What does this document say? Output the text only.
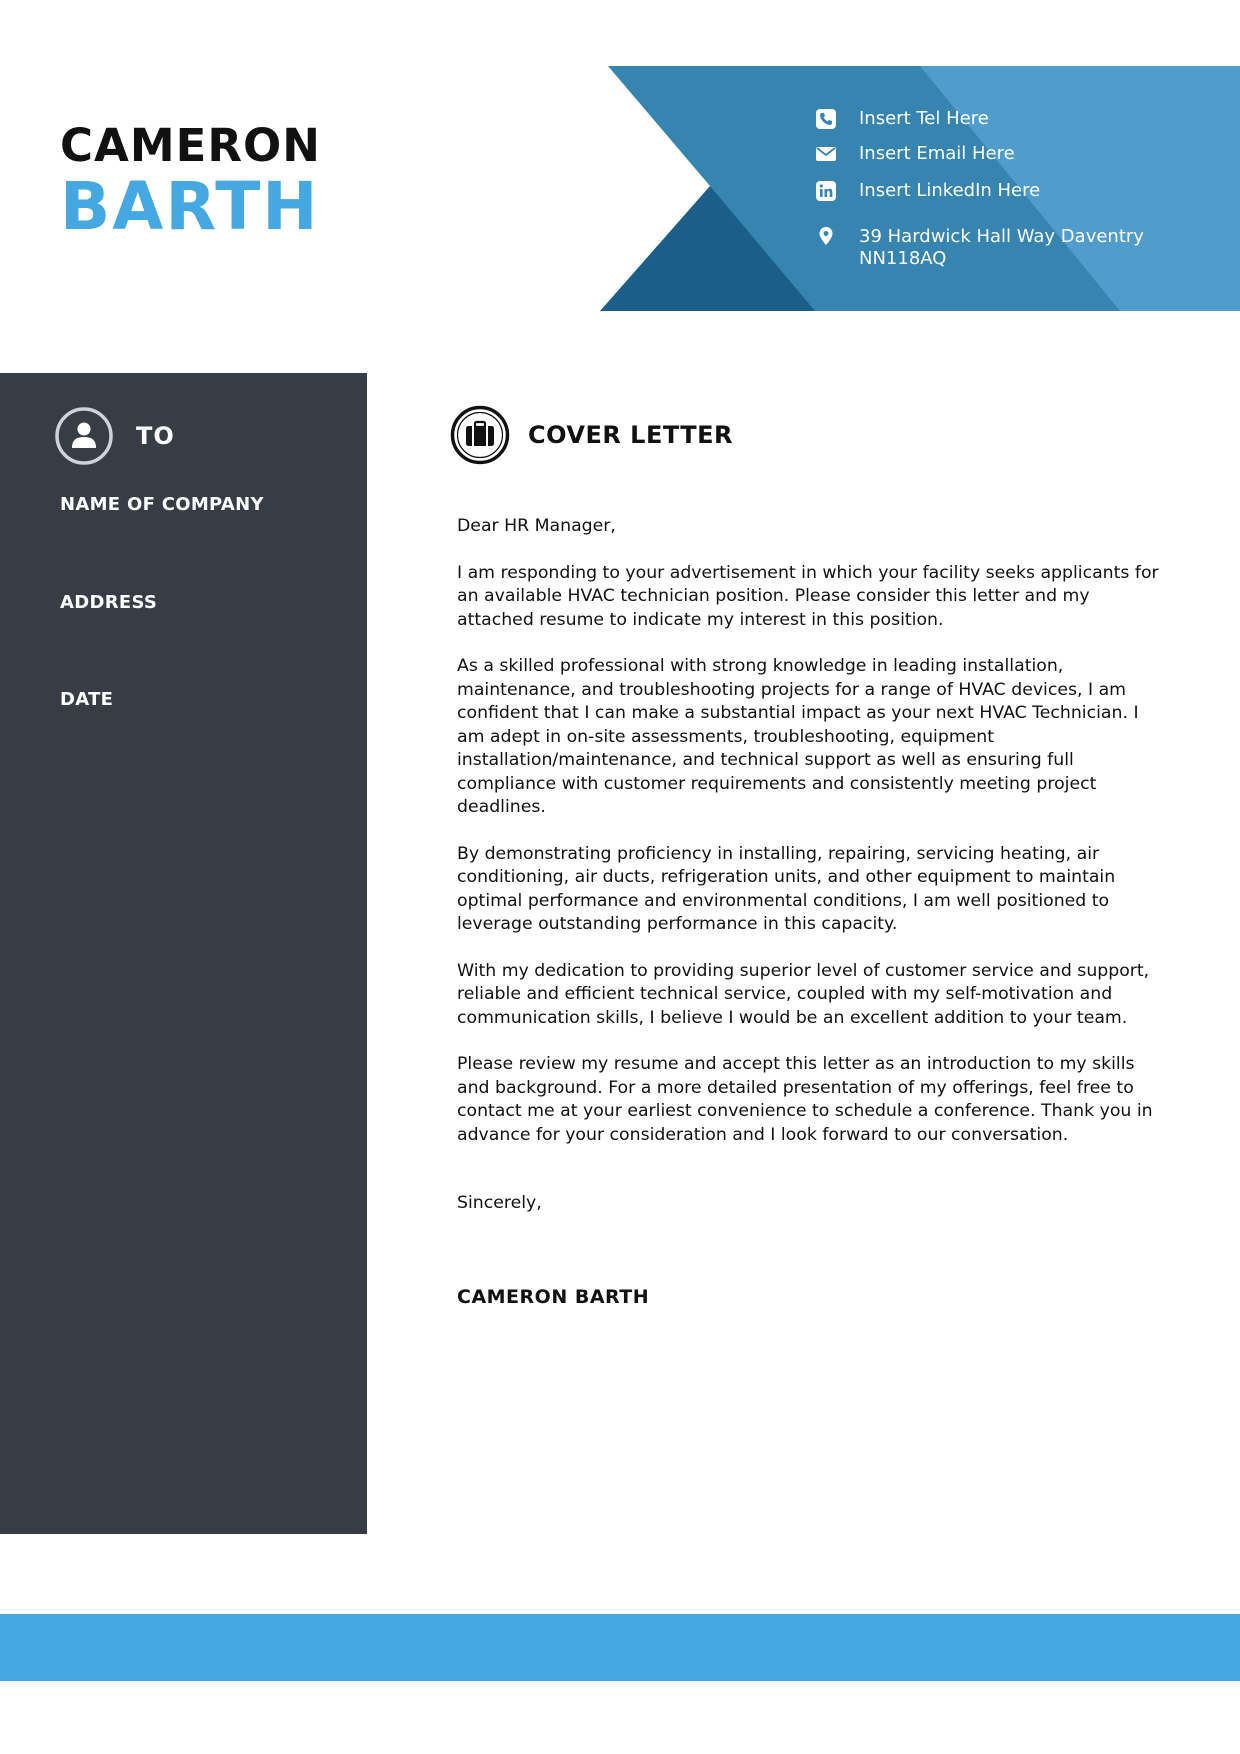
CAMERON
BARTH
Insert Tel Here
Insert Email Here
Insert LinkedIn Here
39 Hardwick Hall Way Daventry
NN118AQ
TO
NAME OF COMPANY
ADDRESS
DATE
COVER LETTER

Dear HR Manager,

I am responding to your advertisement in which your facility seeks applicants for an available HVAC technician position. Please consider this letter and my attached resume to indicate my interest in this position.

As a skilled professional with strong knowledge in leading installation, maintenance, and troubleshooting projects for a range of HVAC devices, I am confident that I can make a substantial impact as your next HVAC Technician. I am adept in on-site assessments, troubleshooting, equipment installation/maintenance, and technical support as well as ensuring full compliance with customer requirements and consistently meeting project deadlines.

By demonstrating proficiency in installing, repairing, servicing heating, air conditioning, air ducts, refrigeration units, and other equipment to maintain optimal performance and environmental conditions, I am well positioned to leverage outstanding performance in this capacity.

With my dedication to providing superior level of customer service and support, reliable and efficient technical service, coupled with my self-motivation and communication skills, I believe I would be an excellent addition to your team.

Please review my resume and accept this letter as an introduction to my skills and background. For a more detailed presentation of my offerings, feel free to contact me at your earliest convenience to schedule a conference. Thank you in advance for your consideration and I look forward to our conversation.

Sincerely,
CAMERON BARTH
